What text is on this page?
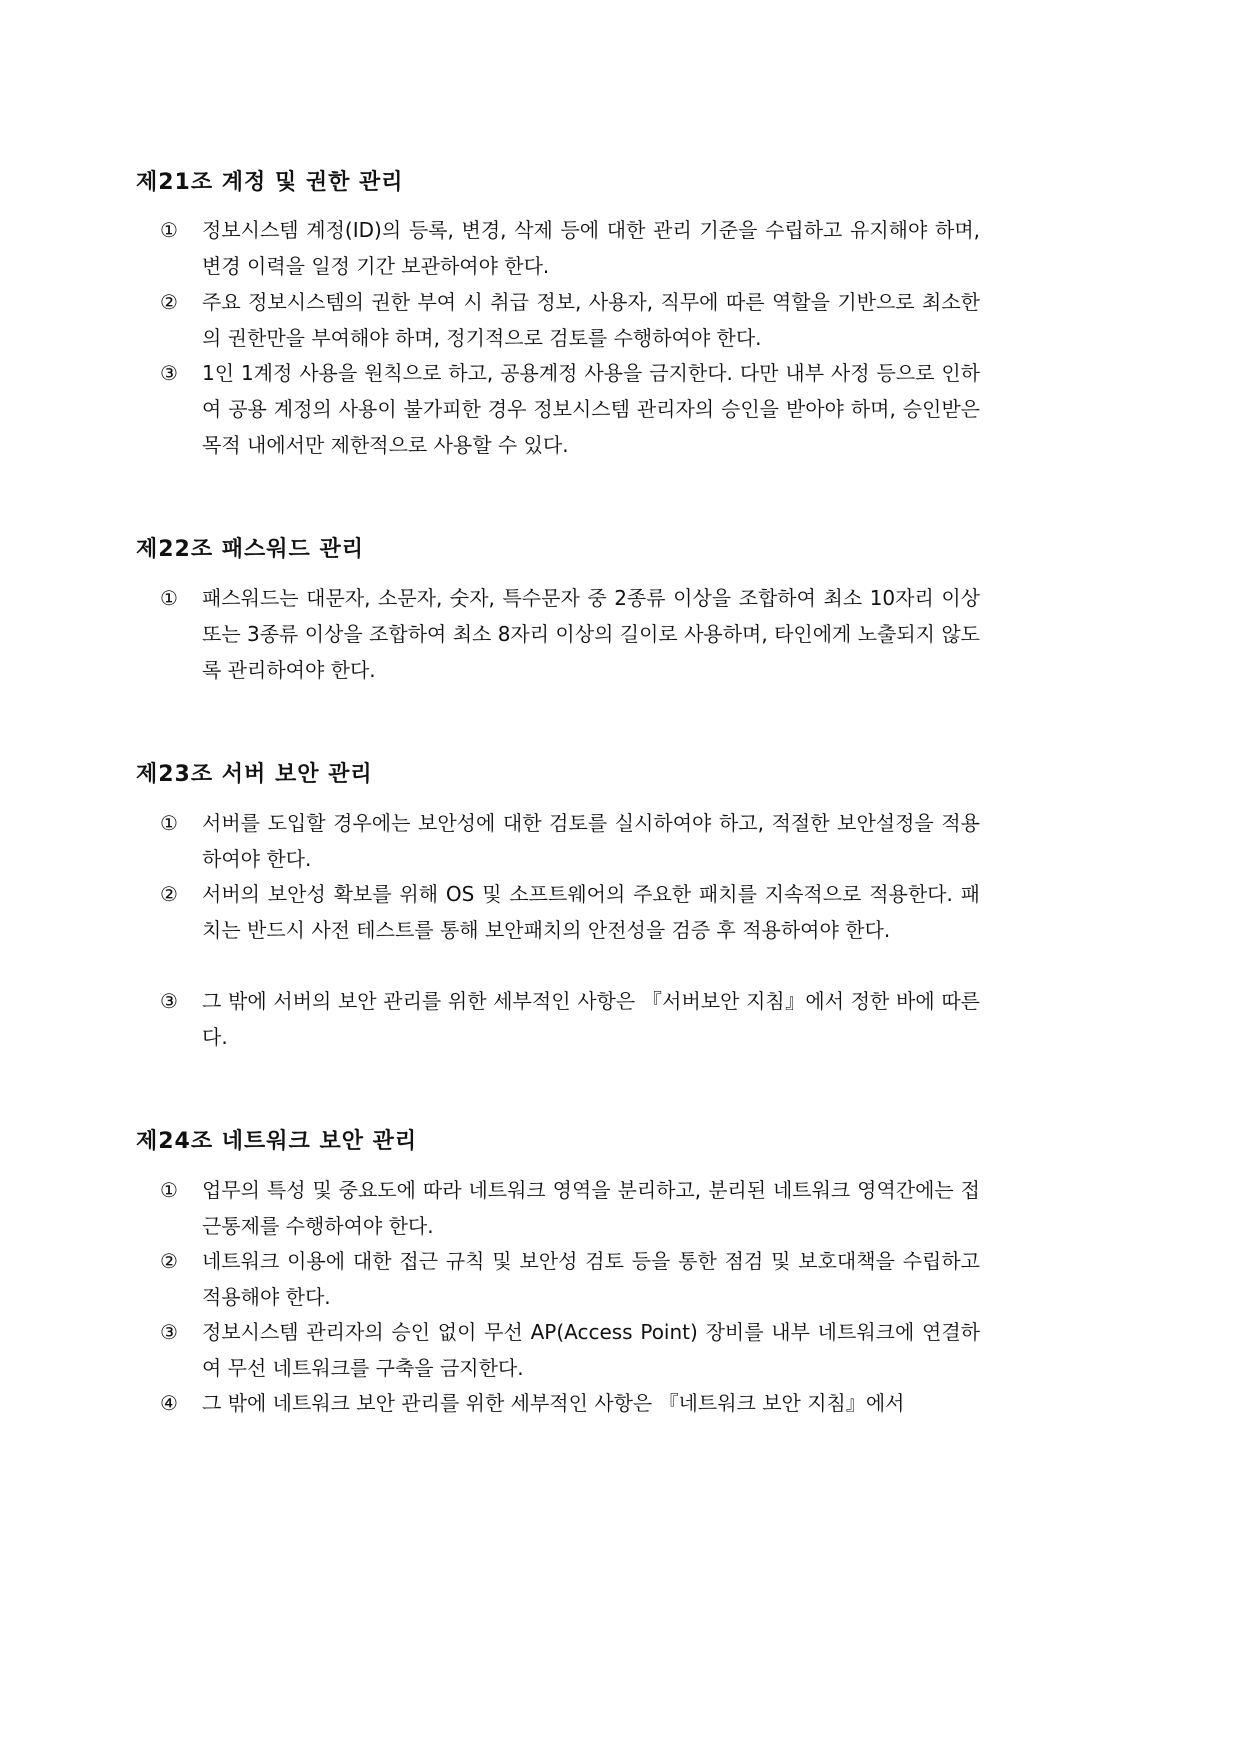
제21조 계정 및 권한 관리
①	정보시스템 계정(ID)의 등록, 변경, 삭제 등에 대한 관리 기준을 수립하고 유지해야 하며, 변경 이력을 일정 기간 보관하여야 한다.
②	주요 정보시스템의 권한 부여 시 취급 정보, 사용자, 직무에 따른 역할을 기반으로 최소한의 권한만을 부여해야 하며, 정기적으로 검토를 수행하여야 한다.
③	1인 1계정 사용을 원칙으로 하고, 공용계정 사용을 금지한다. 다만 내부 사정 등으로 인하여 공용 계정의 사용이 불가피한 경우 정보시스템 관리자의 승인을 받아야 하며, 승인받은 목적 내에서만 제한적으로 사용할 수 있다.
제22조 패스워드 관리
①	패스워드는 대문자, 소문자, 숫자, 특수문자 중 2종류 이상을 조합하여 최소 10자리 이상 또는 3종류 이상을 조합하여 최소 8자리 이상의 길이로 사용하며, 타인에게 노출되지 않도록 관리하여야 한다.
제23조 서버 보안 관리
①	서버를 도입할 경우에는 보안성에 대한 검토를 실시하여야 하고, 적절한 보안설정을 적용하여야 한다.
②	서버의 보안성 확보를 위해 OS 및 소프트웨어의 주요한 패치를 지속적으로 적용한다. 패치는 반드시 사전 테스트를 통해 보안패치의 안전성을 검증 후 적용하여야 한다.
③	그 밖에 서버의 보안 관리를 위한 세부적인 사항은 『서버보안 지침』에서 정한 바에 따른다.
제24조 네트워크 보안 관리
①	업무의 특성 및 중요도에 따라 네트워크 영역을 분리하고, 분리된 네트워크 영역간에는 접근통제를 수행하여야 한다.
②	네트워크 이용에 대한 접근 규칙 및 보안성 검토 등을 통한 점검 및 보호대책을 수립하고 적용해야 한다.
③	정보시스템 관리자의 승인 없이 무선 AP(Access Point) 장비를 내부 네트워크에 연결하여 무선 네트워크를 구축을 금지한다.
④	그 밖에 네트워크 보안 관리를 위한 세부적인 사항은 『네트워크 보안 지침』에서
